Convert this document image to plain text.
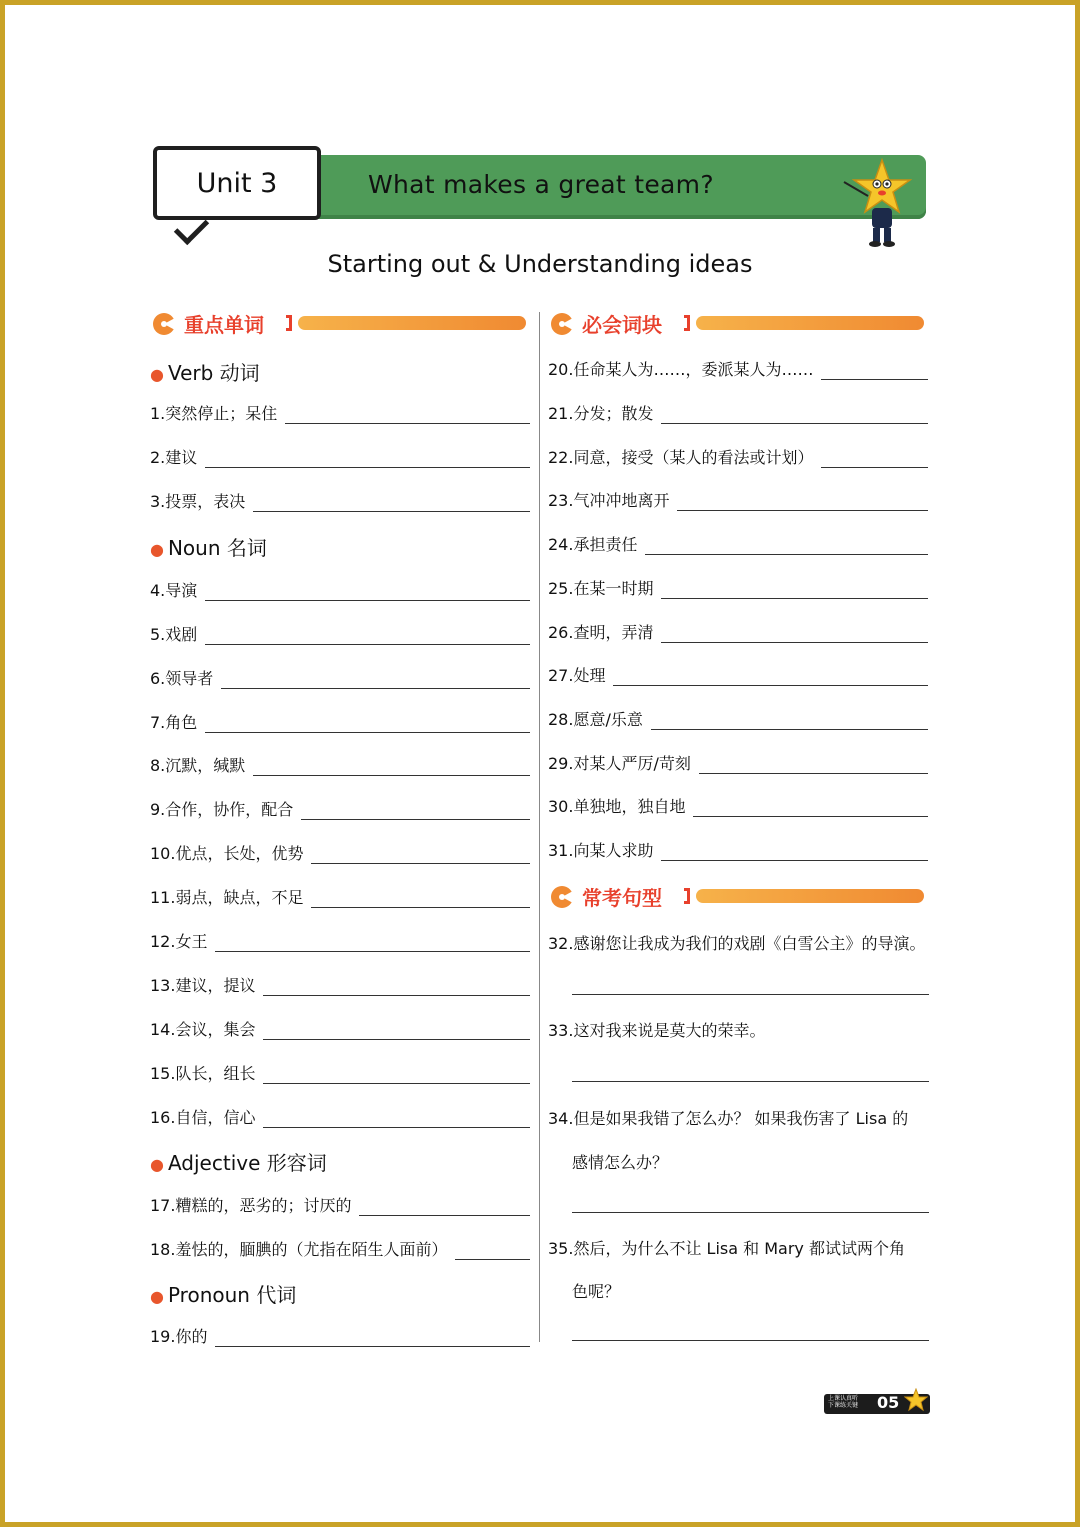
Unit 3	What makes a great team?
Starting out & Understanding ideas
重点单词	必会词块
常考句型
● Verb 动词
● Noun 名词
● Adjective 形容词
● Pronoun 代词
1.突然停止；呆住
2.建议
3.投票，表决
4.导演
5.戏剧
6.领导者
7.角色
8.沉默，缄默
9.合作，协作，配合
10.优点，长处，优势
11.弱点，缺点，不足
12.女王
13.建议，提议
14.会议，集会
15.队长，组长
16.自信，信心
17.糟糕的，恶劣的；讨厌的
18.羞怯的，腼腆的（尤指在陌生人面前）
19.你的
20.任命某人为……，委派某人为……
21.分发；散发
22.同意，接受（某人的看法或计划）
23.气冲冲地离开
24.承担责任
25.在某一时期
26.查明，弄清
27.处理
28.愿意/乐意
29.对某人严厉/苛刻
30.单独地，独自地
31.向某人求助
32.感谢您让我成为我们的戏剧《白雪公主》的导演。
33.这对我来说是莫大的荣幸。
34.但是如果我错了怎么办？ 如果我伤害了 Lisa 的
感情怎么办？
35.然后，为什么不让 Lisa 和 Mary 都试试两个角
色呢？
上课认真听
下课练关键 05
